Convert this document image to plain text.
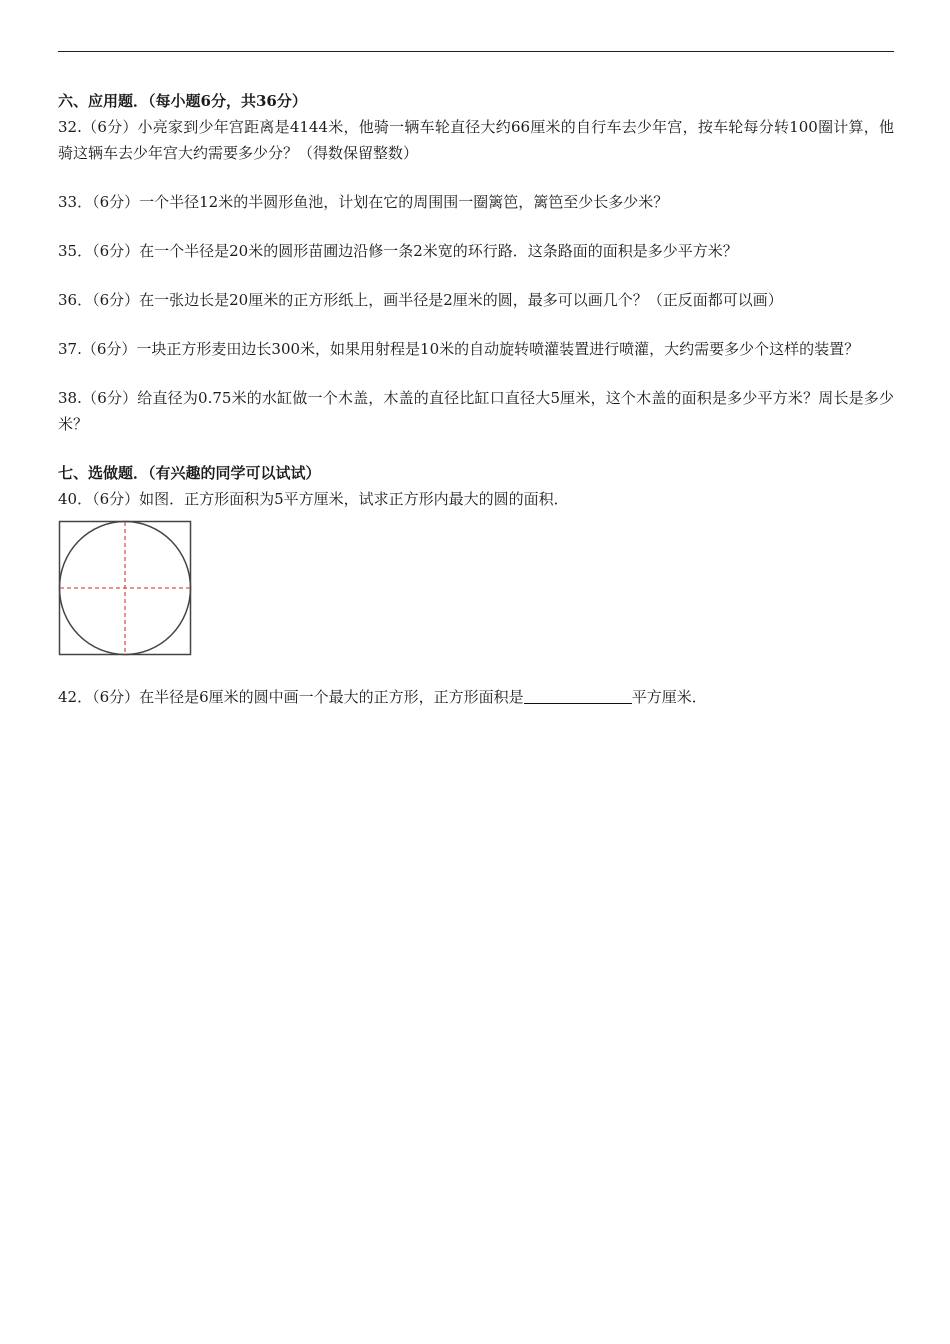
六、应用题．（每小题6分，共36分）

32.（6分）小亮家到少年宫距离是4144米，他骑一辆车轮直径大约66厘米的自行车去少年宫，按车轮每分转100圈计算，他骑这辆车去少年宫大约需要多少分？（得数保留整数）

33．（6分）一个半径12米的半圆形鱼池，计划在它的周围围一圈篱笆，篱笆至少长多少米？

35．（6分）在一个半径是20米的圆形苗圃边沿修一条2米宽的环行路．这条路面的面积是多少平方米？

36．（6分）在一张边长是20厘米的正方形纸上，画半径是2厘米的圆，最多可以画几个？（正反面都可以画）

37.（6分）一块正方形麦田边长300米，如果用射程是10米的自动旋转喷灌装置进行喷灌，大约需要多少个这样的装置？

38.（6分）给直径为0.75米的水缸做一个木盖，木盖的直径比缸口直径大5厘米，这个木盖的面积是多少平方米？周长是多少米？

七、选做题．（有兴趣的同学可以试试）

40．（6分）如图．正方形面积为5平方厘米，试求正方形内最大的圆的面积．

42．（6分）在半径是6厘米的圆中画一个最大的正方形，正方形面积是	平方厘米．
